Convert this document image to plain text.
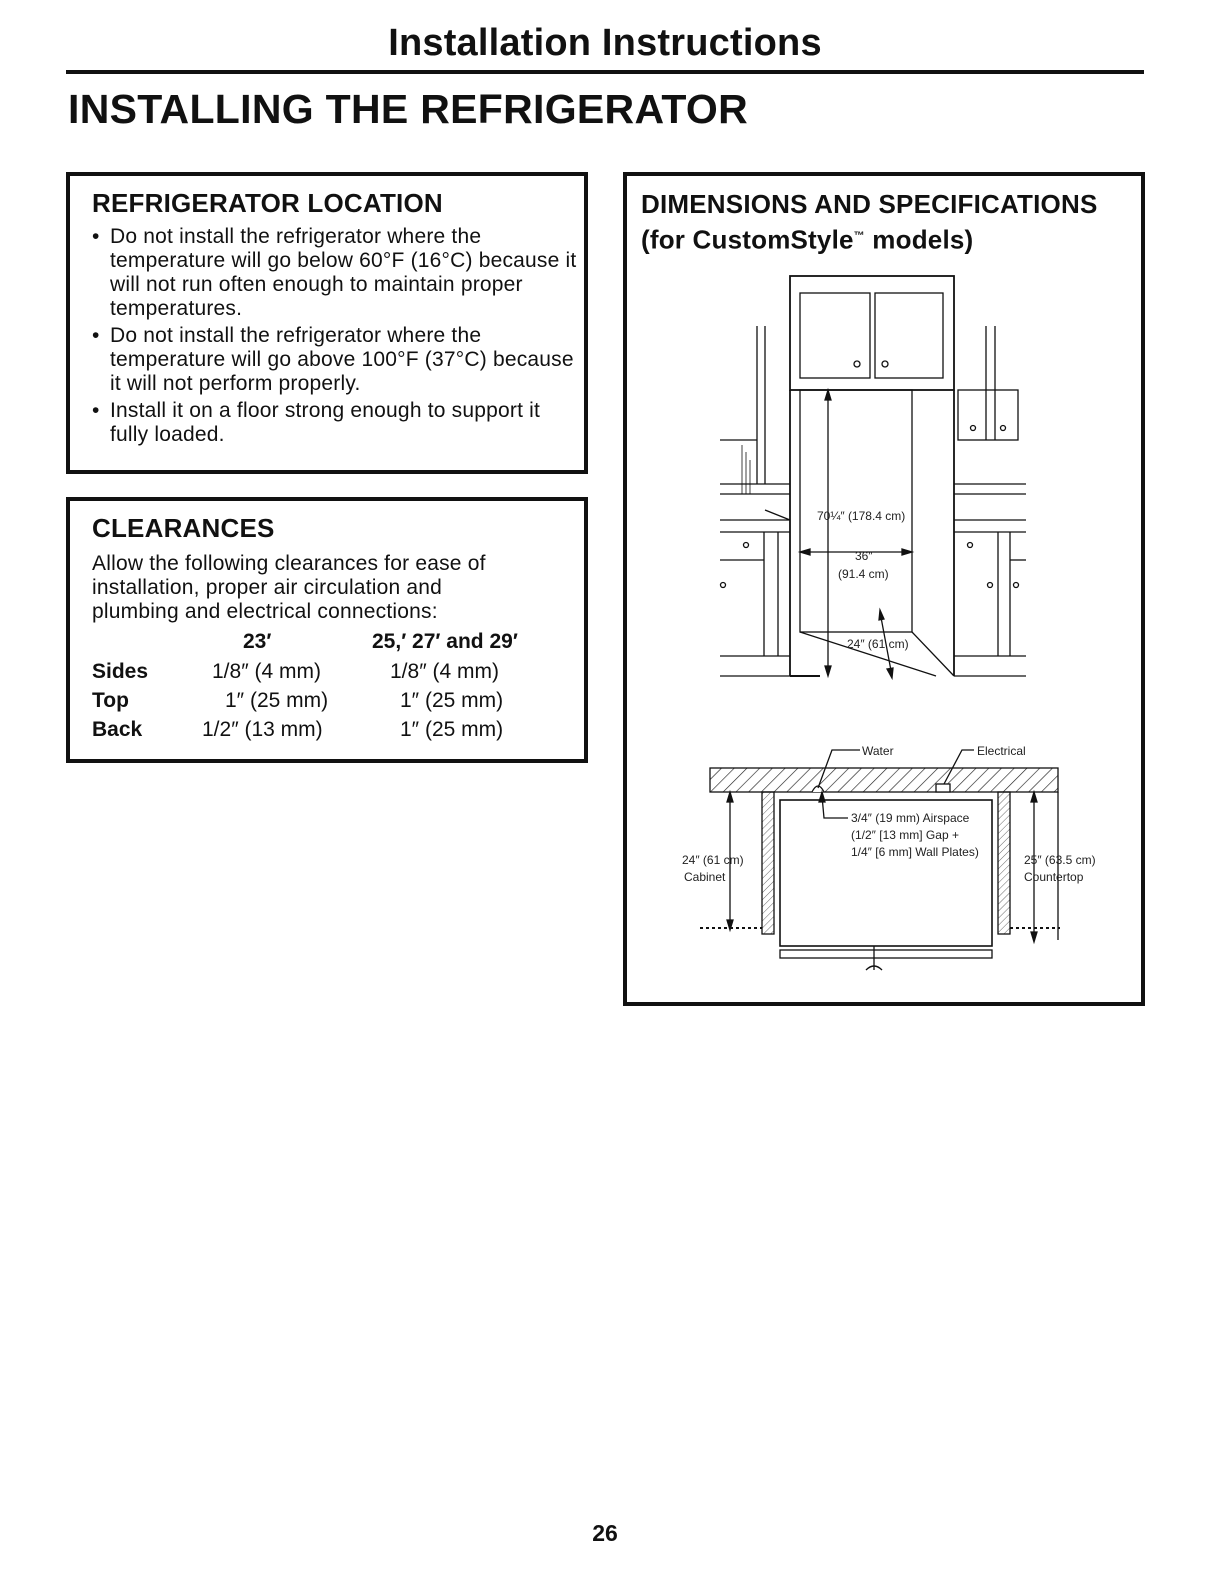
Installation Instructions
INSTALLING THE REFRIGERATOR
REFRIGERATOR LOCATION
• Do not install the refrigerator where the temperature will go below 60°F (16°C) because it will not run often enough to maintain proper temperatures.
• Do not install the refrigerator where the temperature will go above 100°F (37°C) because it will not perform properly.
• Install it on a floor strong enough to support it fully loaded.
CLEARANCES
Allow the following clearances for ease of installation, proper air circulation and plumbing and electrical connections:
23′	25,′ 27′ and 29′
Sides	1/8″ (4 mm)	1/8″ (4 mm)
Top	1″ (25 mm)	1″ (25 mm)
Back	1/2″ (13 mm)	1″ (25 mm)
DIMENSIONS AND SPECIFICATIONS
(for CustomStyle™ models)
70¼″ (178.4 cm)
36″
(91.4 cm)
24″ (61 cm)
Water	Electrical
3/4″ (19 mm) Airspace
(1/2″ [13 mm] Gap +
1/4″ [6 mm] Wall Plates)
24″ (61 cm)
Cabinet
25″ (63.5 cm)
Countertop
26
